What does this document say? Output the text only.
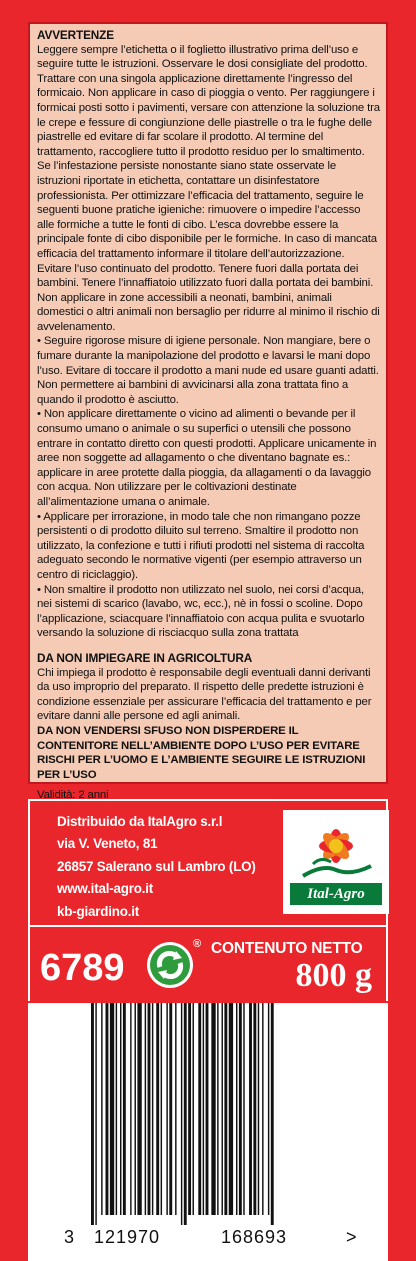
AVVERTENZE

Leggere sempre l’etichetta o il foglietto illustrativo prima dell’uso e seguire tutte le istruzioni. Osservare le dosi consigliate del prodotto. Trattare con una singola applicazione direttamente l’ingresso del formicaio. Non applicare in caso di pioggia o vento. Per raggiungere i formicai posti sotto i pavimenti, versare con attenzione la soluzione tra le crepe e fessure di congiunzione delle piastrelle o tra le fughe delle piastrelle ed evitare di far scolare il prodotto. Al termine del trattamento, raccogliere tutto il prodotto residuo per lo smaltimento. Se l’infestazione persiste nonostante siano state osservate le istruzioni riportate in etichetta, contattare un disinfestatore professionista. Per ottimizzare l’efficacia del trattamento, seguire le seguenti buone pratiche igieniche: rimuovere o impedire l’accesso alle formiche a tutte le fonti di cibo. L’esca dovrebbe essere la principale fonte di cibo disponibile per le formiche. In caso di mancata efficacia del trattamento informare il titolare dell’autorizzazione. Evitare l’uso continuato del prodotto. Tenere fuori dalla portata dei bambini. Tenere l’innaffiatoio utilizzato fuori dalla portata dei bambini. Non applicare in zone accessibili a neonati, bambini, animali domestici o altri animali non bersaglio per ridurre al minimo il rischio di avvelenamento.

• Seguire rigorose misure di igiene personale. Non mangiare, bere o fumare durante la manipolazione del prodotto e lavarsi le mani dopo l’uso. Evitare di toccare il prodotto a mani nude ed usare guanti adatti. Non permettere ai bambini di avvicinarsi alla zona trattata fino a quando il prodotto è asciutto.

• Non applicare direttamente o vicino ad alimenti o bevande per il consumo umano o animale o su superfici o utensili che possono entrare in contatto diretto con questi prodotti. Applicare unicamente in aree non soggette ad allagamento o che diventano bagnate es.: applicare in aree protette dalla pioggia, da allagamenti o da lavaggio con acqua. Non utilizzare per le coltivazioni destinate all’alimentazione umana o animale.

• Applicare per irrorazione, in modo tale che non rimangano pozze persistenti o di prodotto diluito sul terreno. Smaltire il prodotto non utilizzato, la confezione e tutti i rifiuti prodotti nel sistema di raccolta adeguato secondo le normative vigenti (per esempio attraverso un centro di riciclaggio).

• Non smaltire il prodotto non utilizzato nel suolo, nei corsi d’acqua, nei sistemi di scarico (lavabo, wc, ecc.), nè in fossi o scoline. Dopo l’applicazione, sciacquare l’innaffiatoio con acqua pulita e svuotarlo versando la soluzione di risciacquo sulla zona trattata

DA NON IMPIEGARE IN AGRICOLTURA

Chi impiega il prodotto è responsabile degli eventuali danni derivanti da uso improprio del preparato. Il rispetto delle predette istruzioni è condizione essenziale per assicurare l’efficacia del trattamento e per evitare danni alle persone ed agli animali.

DA NON VENDERSI SFUSO NON DISPERDERE IL CONTENITORE NELL’AMBIENTE DOPO L’USO PER EVITARE RISCHI PER L’UOMO E L’AMBIENTE SEGUIRE LE ISTRUZIONI PER L’USO

Validità: 2 anni

Distribuido da ItalAgro s.r.l
via V. Veneto, 81
26857 Salerano sul Lambro (LO)
www.ital-agro.it
kb-giardino.it
Ital-Agro
6789
® CONTENUTO NETTO
800 g
3 121970	168693	>
